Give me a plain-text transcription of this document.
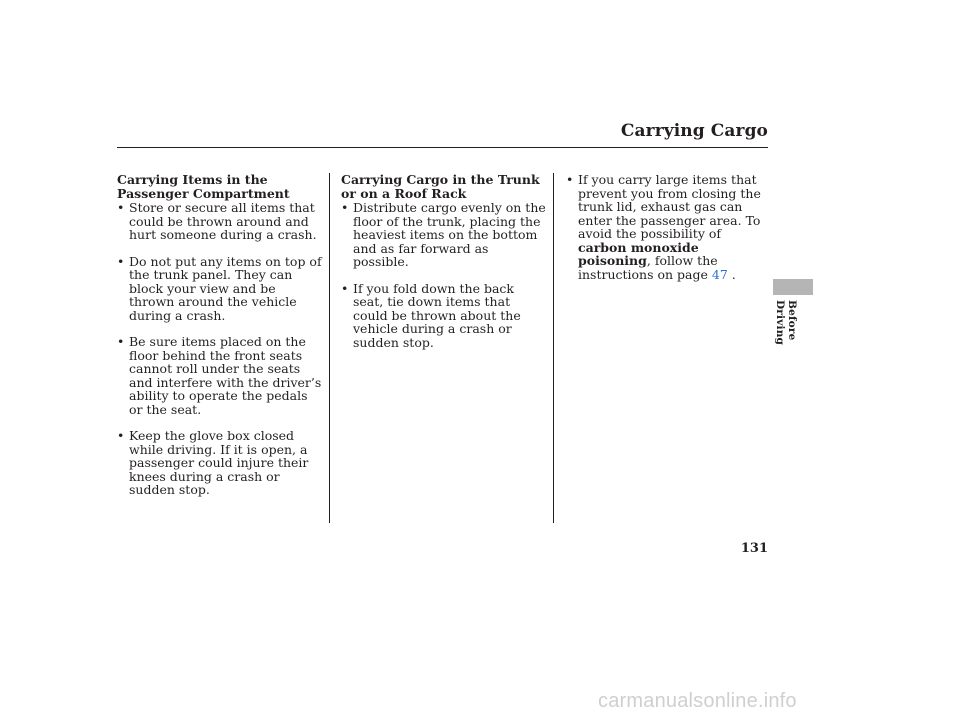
Carrying Cargo
Carrying Items in the Passenger Compartment
• Store or secure all items that could be thrown around and hurt someone during a crash.
• Do not put any items on top of the trunk panel. They can block your view and be thrown around the vehicle during a crash.
• Be sure items placed on the floor behind the front seats cannot roll under the seats and interfere with the driver’s ability to operate the pedals or the seat.
• Keep the glove box closed while driving. If it is open, a passenger could injure their knees during a crash or sudden stop.
Carrying Cargo in the Trunk or on a Roof Rack
• Distribute cargo evenly on the floor of the trunk, placing the heaviest items on the bottom and as far forward as possible.
• If you fold down the back seat, tie down items that could be thrown about the vehicle during a crash or sudden stop.
• If you carry large items that prevent you from closing the trunk lid, exhaust gas can enter the passenger area. To avoid the possibility of carbon monoxide poisoning, follow the instructions on page 47 .
Before Driving
131
carmanualsonline.info
